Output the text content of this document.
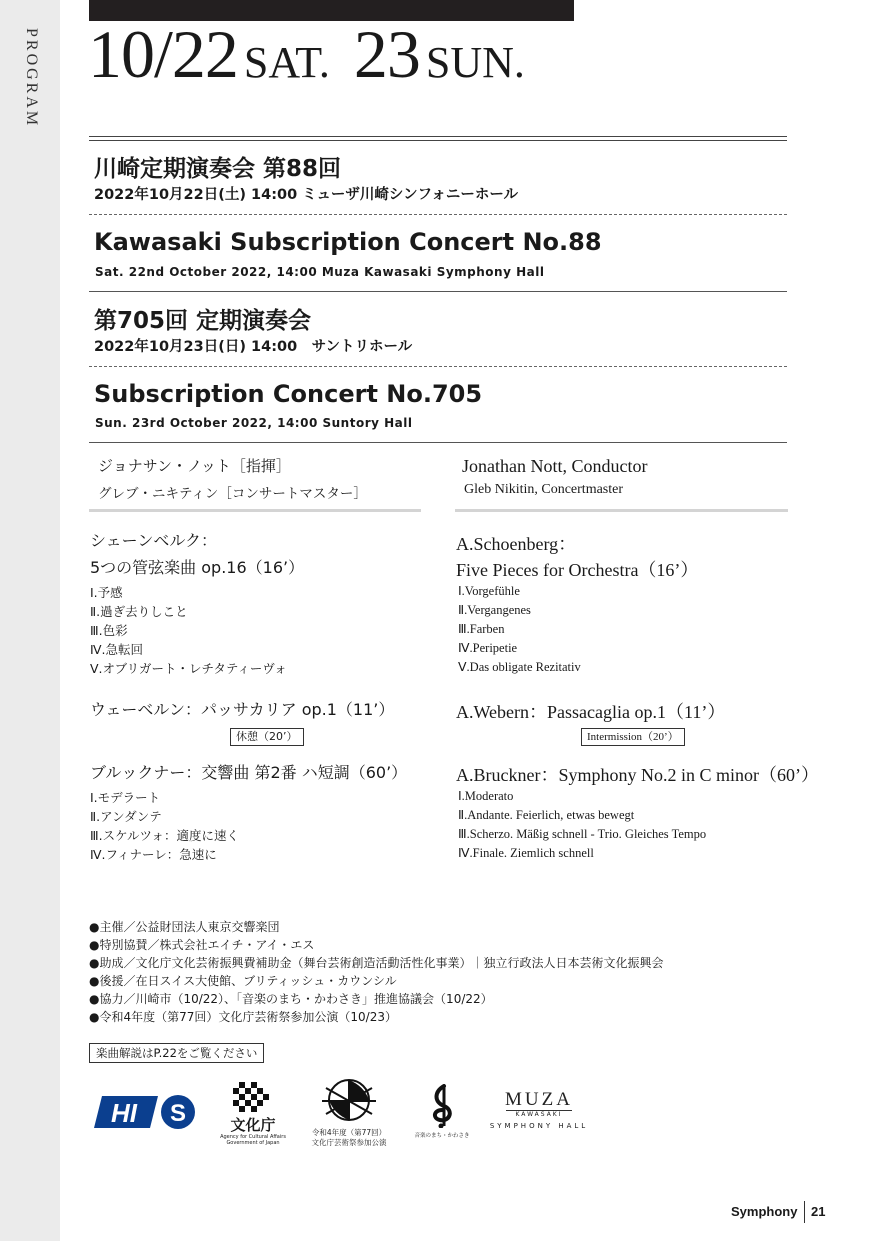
PROGRAM 10/22 SAT. 23 SUN.
川崎定期演奏会 第88回
2022年10月22日(土) 14:00 ミューザ川崎シンフォニーホール
Kawasaki Subscription Concert No.88
Sat. 22nd October 2022, 14:00 Muza Kawasaki Symphony Hall
第705回 定期演奏会
2022年10月23日(日) 14:00　サントリホール
Subscription Concert No.705
Sun. 23rd October 2022, 14:00 Suntory Hall
ジョナサン・ノット［指揮］
グレブ・ニキティン［コンサートマスター］
Jonathan Nott, Conductor
Gleb Nikitin, Concertmaster
シェーンベルク：
5つの管弦楽曲 op.16（16’）
A.Schoenberg：
Five Pieces for Orchestra（16’）
Ⅰ.予感
Ⅱ.過ぎ去りしこと
Ⅲ.色彩
Ⅳ.急転回
Ⅴ.オブリガート・レチタティーヴォ
Ⅰ.Vorgefühle
Ⅱ.Vergangenes
Ⅲ.Farben
Ⅳ.Peripetie
Ⅴ.Das obligate Rezitativ
ウェーベルン：パッサカリア op.1（11’）	A.Webern：Passacaglia op.1（11’）
休憩（20’）	Intermission（20’）
ブルックナー：交響曲 第2番 ハ短調（60’）	A.Bruckner：Symphony No.2 in C minor（60’）
Ⅰ.モデラート
Ⅱ.アンダンテ
Ⅲ.スケルツォ：適度に速く
Ⅳ.フィナーレ：急速に
Ⅰ.Moderato
Ⅱ.Andante. Feierlich, etwas bewegt
Ⅲ.Scherzo. Mäßig schnell - Trio. Gleiches Tempo
Ⅳ.Finale. Ziemlich schnell
●主催／公益財団法人東京交響楽団
●特別協賛／株式会社エイチ・アイ・エス
●助成／文化庁文化芸術振興費補助金（舞台芸術創造活動活性化事業）｜独立行政法人日本芸術文化振興会
●後援／在日スイス大使館、ブリティッシュ・カウンシル
●協力／川崎市（10/22）、「音楽のまち・かわさき」推進協議会（10/22）
●令和4年度（第77回）文化庁芸術祭参加公演（10/23）
楽曲解説はP.22をご覧ください
HI S	文化庁
Agency for Cultural Affairs
Government of Japan
令和4年度（第77回）
文化庁芸術祭参加公演
音楽のまち・かわさき
MUZA
KAWASAKI
SYMPHONY HALL
Symphony 21
